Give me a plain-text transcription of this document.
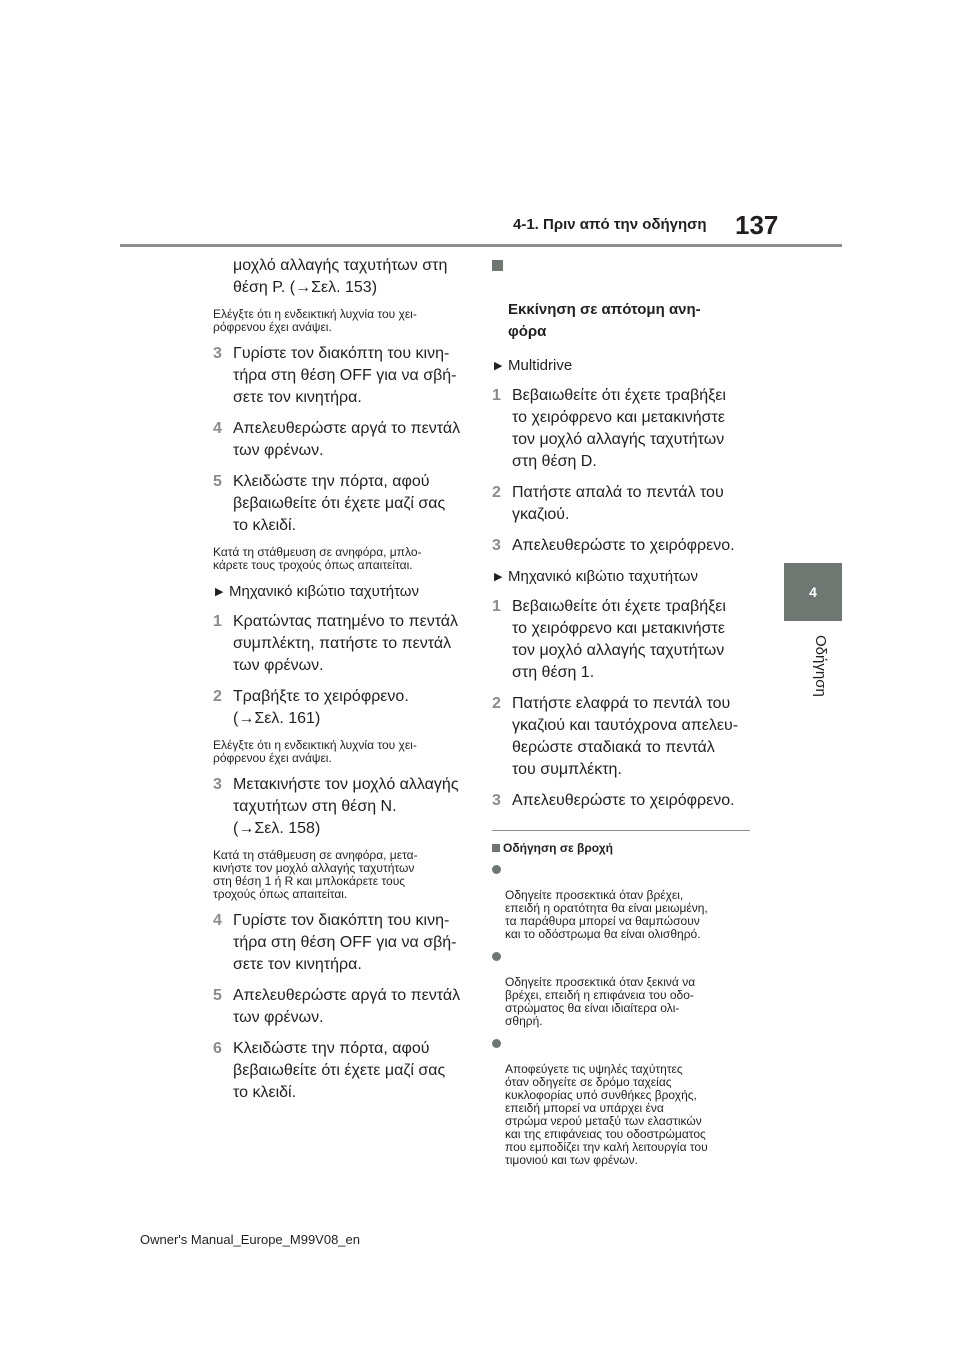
4-1. Πριν από την οδήγηση 137
4
Οδήγηση
μοχλό αλλαγής ταχυτήτων στη
θέση P. (→Σελ. 153)
Ελέγξτε ότι η ενδεικτική λυχνία του χει-
ρόφρενου έχει ανάψει.
3 Γυρίστε τον διακόπτη του κινη-
τήρα στη θέση OFF για να σβή-
σετε τον κινητήρα.
4 Απελευθερώστε αργά το πεντάλ
των φρένων.
5 Κλειδώστε την πόρτα, αφού
βεβαιωθείτε ότι έχετε μαζί σας
το κλειδί.
Κατά τη στάθμευση σε ανηφόρα, μπλο-
κάρετε τους τροχούς όπως απαιτείται.
▶ Μηχανικό κιβώτιο ταχυτήτων
1 Κρατώντας πατημένο το πεντάλ
συμπλέκτη, πατήστε το πεντάλ
των φρένων.
2 Τραβήξτε το χειρόφρενο.
(→Σελ. 161)
Ελέγξτε ότι η ενδεικτική λυχνία του χει-
ρόφρενου έχει ανάψει.
3 Μετακινήστε τον μοχλό αλλαγής
ταχυτήτων στη θέση N.
(→Σελ. 158)
Κατά τη στάθμευση σε ανηφόρα, μετα-
κινήστε τον μοχλό αλλαγής ταχυτήτων
στη θέση 1 ή R και μπλοκάρετε τους
τροχούς όπως απαιτείται.
4 Γυρίστε τον διακόπτη του κινη-
τήρα στη θέση OFF για να σβή-
σετε τον κινητήρα.
5 Απελευθερώστε αργά το πεντάλ
των φρένων.
6 Κλειδώστε την πόρτα, αφού
βεβαιωθείτε ότι έχετε μαζί σας
το κλειδί.

Εκκίνηση σε απότομη ανη-
φόρα

▶ Multidrive
1 Βεβαιωθείτε ότι έχετε τραβήξει
το χειρόφρενο και μετακινήστε
τον μοχλό αλλαγής ταχυτήτων
στη θέση D.
2 Πατήστε απαλά το πεντάλ του
γκαζιού.
3 Απελευθερώστε το χειρόφρενο.
▶ Μηχανικό κιβώτιο ταχυτήτων
1 Βεβαιωθείτε ότι έχετε τραβήξει
το χειρόφρενο και μετακινήστε
τον μοχλό αλλαγής ταχυτήτων
στη θέση 1.
2 Πατήστε ελαφρά το πεντάλ του
γκαζιού και ταυτόχρονα απελευ-
θερώστε σταδιακά το πεντάλ
του συμπλέκτη.
3 Απελευθερώστε το χειρόφρενο.
Οδήγηση σε βροχή

Οδηγείτε προσεκτικά όταν βρέχει,
επειδή η ορατότητα θα είναι μειωμένη,
τα παράθυρα μπορεί να θαμπώσουν
και το οδόστρωμα θα είναι ολισθηρό.

Οδηγείτε προσεκτικά όταν ξεκινά να
βρέχει, επειδή η επιφάνεια του οδο-
στρώματος θα είναι ιδιαίτερα ολι-
σθηρή.

Αποφεύγετε τις υψηλές ταχύτητες
όταν οδηγείτε σε δρόμο ταχείας
κυκλοφορίας υπό συνθήκες βροχής,
επειδή μπορεί να υπάρχει ένα
στρώμα νερού μεταξύ των ελαστικών
και της επιφάνειας του οδοστρώματος
που εμποδίζει την καλή λειτουργία του
τιμονιού και των φρένων.

Owner's Manual_Europe_M99V08_en
